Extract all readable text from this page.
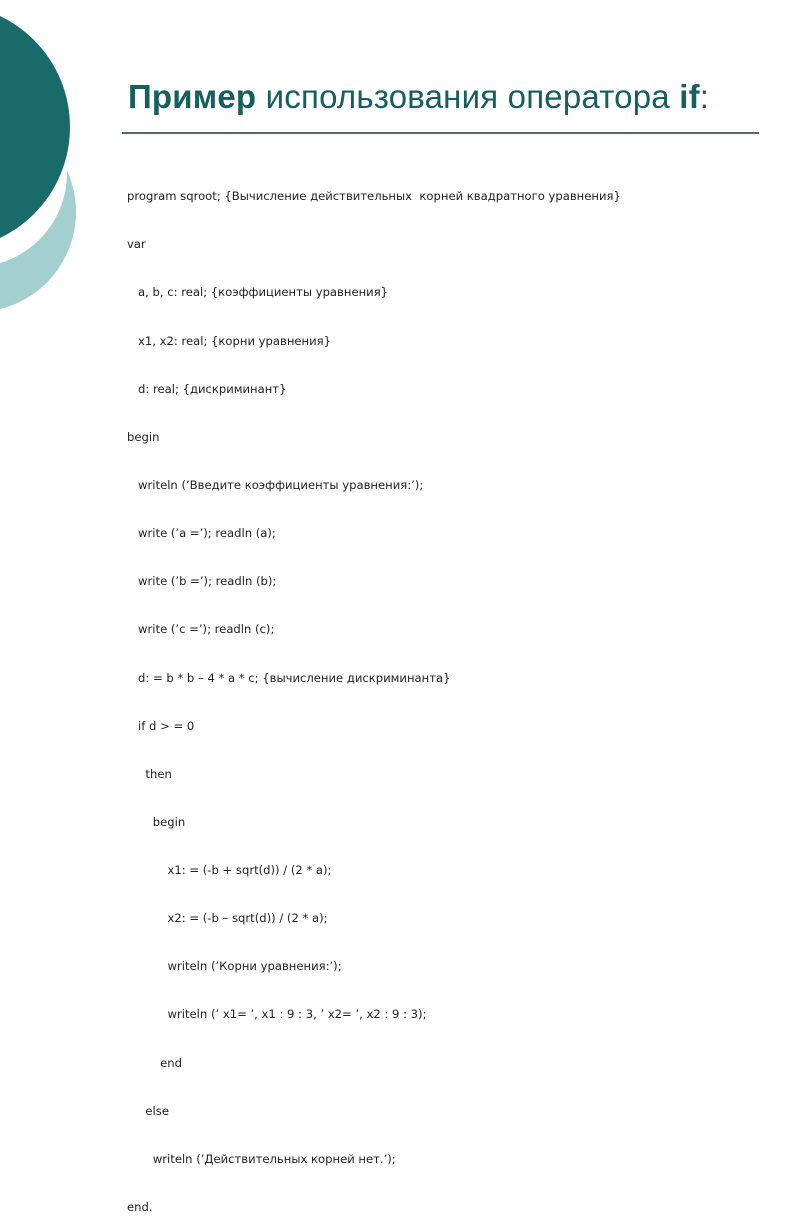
Пример использования оператора if:

program sqroot; {Вычисление действительных  корней квадратного уравнения}

var

a, b, c: real; {коэффициенты уравнения}

x1, x2: real; {корни уравнения}

d: real; {дискриминант}

begin

writeln (’Введите коэффициенты уравнения:’);

write (’a =’); readln (a);

write (’b =’); readln (b);

write (’c =’); readln (c);

d: = b * b – 4 * a * c; {вычисление дискриминанта}

if d > = 0

then

begin

x1: = (-b + sqrt(d)) / (2 * a);

x2: = (-b – sqrt(d)) / (2 * a);

writeln (’Корни уравнения:’);

writeln (’ x1= ’, x1 : 9 : 3, ’ x2= ’, x2 : 9 : 3);

end

else

writeln (’Действительных корней нет.’);

end.
